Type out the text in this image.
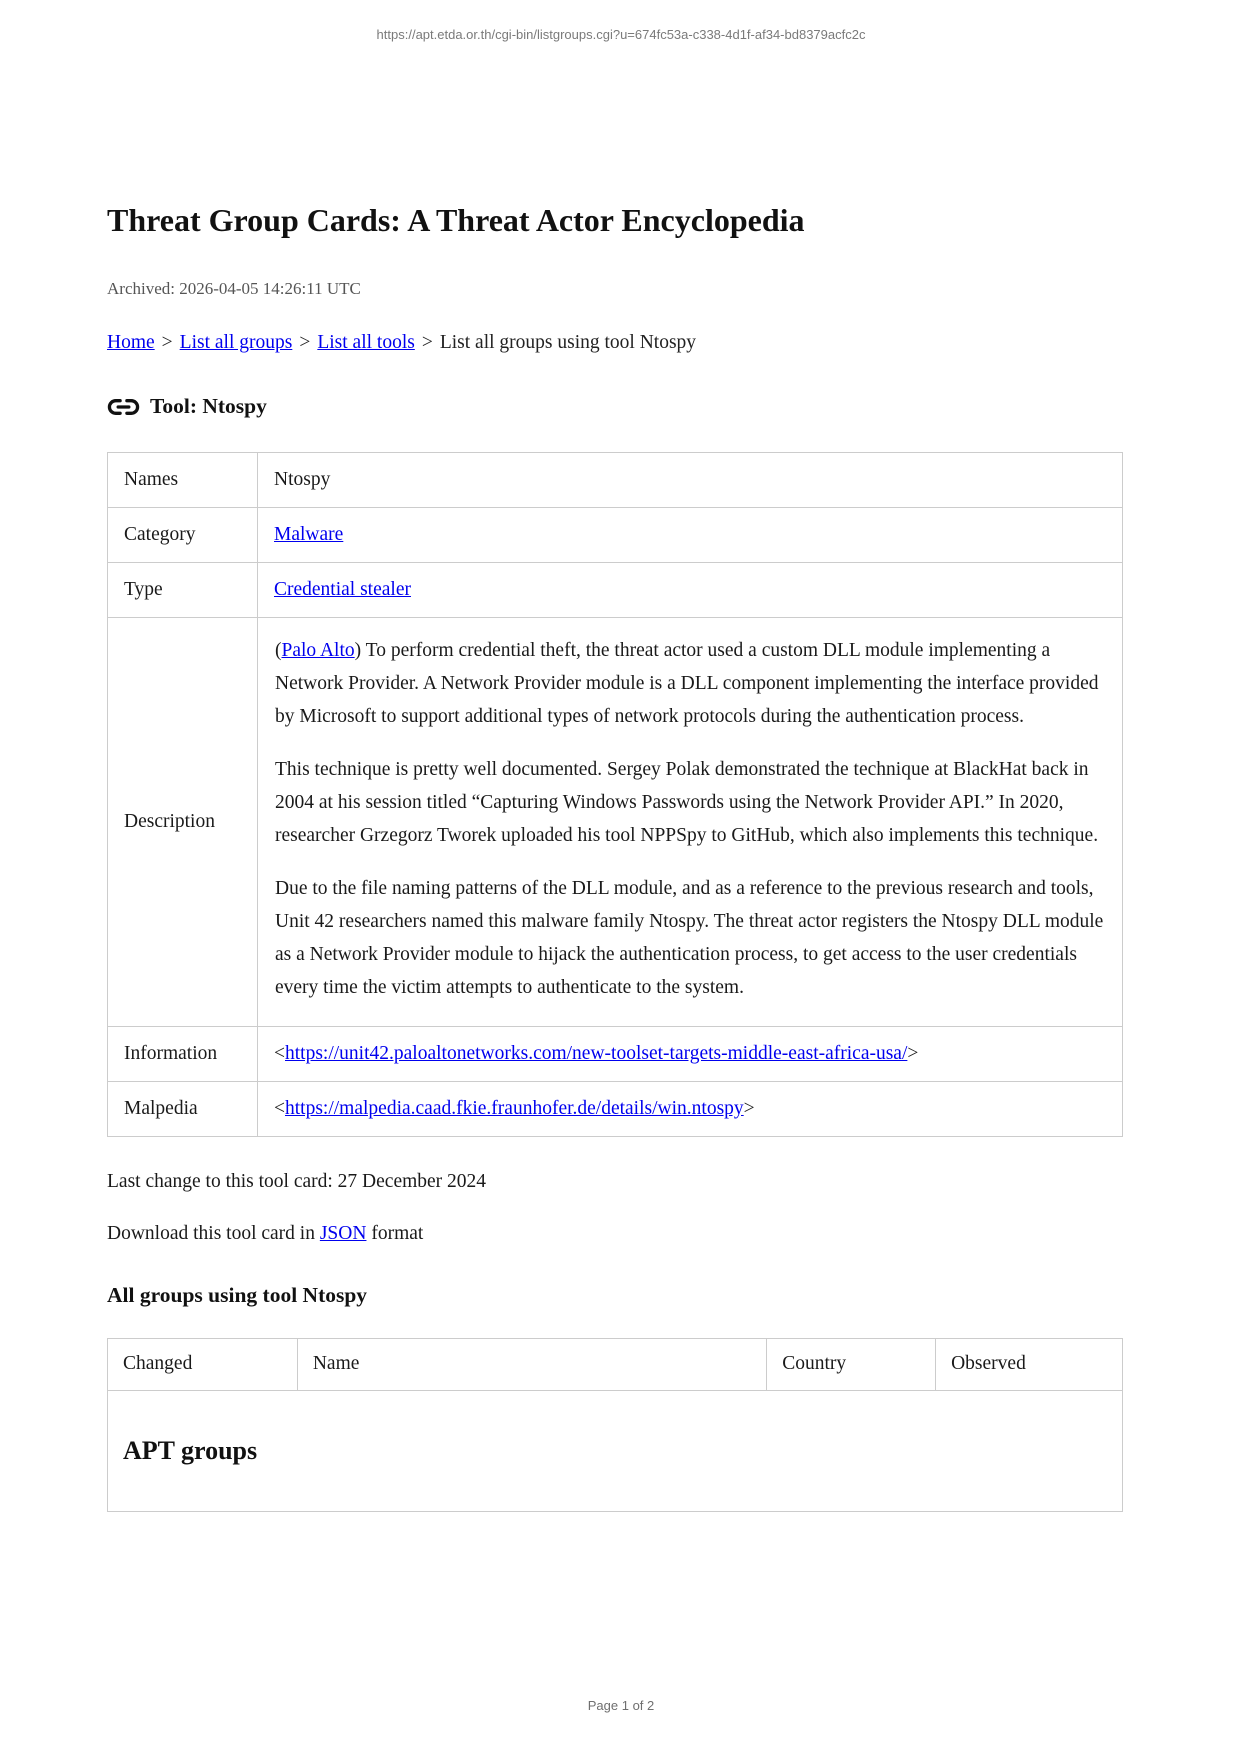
https://apt.etda.or.th/cgi-bin/listgroups.cgi?u=674fc53a-c338-4d1f-af34-bd8379acfc2c
Threat Group Cards: A Threat Actor Encyclopedia

Archived: 2026-04-05 14:26:11 UTC

Home > List all groups > List all tools > List all groups using tool Ntospy
Tool: Ntospy
Names	Ntospy
Category	Malware
Type	Credential stealer
Description	(Palo Alto) To perform credential theft, the threat actor used a custom DLL module implementing a Network Provider. A Network Provider module is a DLL component implementing the interface provided by Microsoft to support additional types of network protocols during the authentication process.

This technique is pretty well documented. Sergey Polak demonstrated the technique at BlackHat back in 2004 at his session titled “Capturing Windows Passwords using the Network Provider API.” In 2020, researcher Grzegorz Tworek uploaded his tool NPPSpy to GitHub, which also implements this technique.

Due to the file naming patterns of the DLL module, and as a reference to the previous research and tools, Unit 42 researchers named this malware family Ntospy. The threat actor registers the Ntospy DLL module as a Network Provider module to hijack the authentication process, to get access to the user credentials every time the victim attempts to authenticate to the system.

Information	<https://unit42.paloaltonetworks.com/new-toolset-targets-middle-east-africa-usa/>
Malpedia	<https://malpedia.caad.fkie.fraunhofer.de/details/win.ntospy>

Last change to this tool card: 27 December 2024

Download this tool card in JSON format

All groups using tool Ntospy
Changed	Name	Country	Observed
APT groups
Page 1 of 2
